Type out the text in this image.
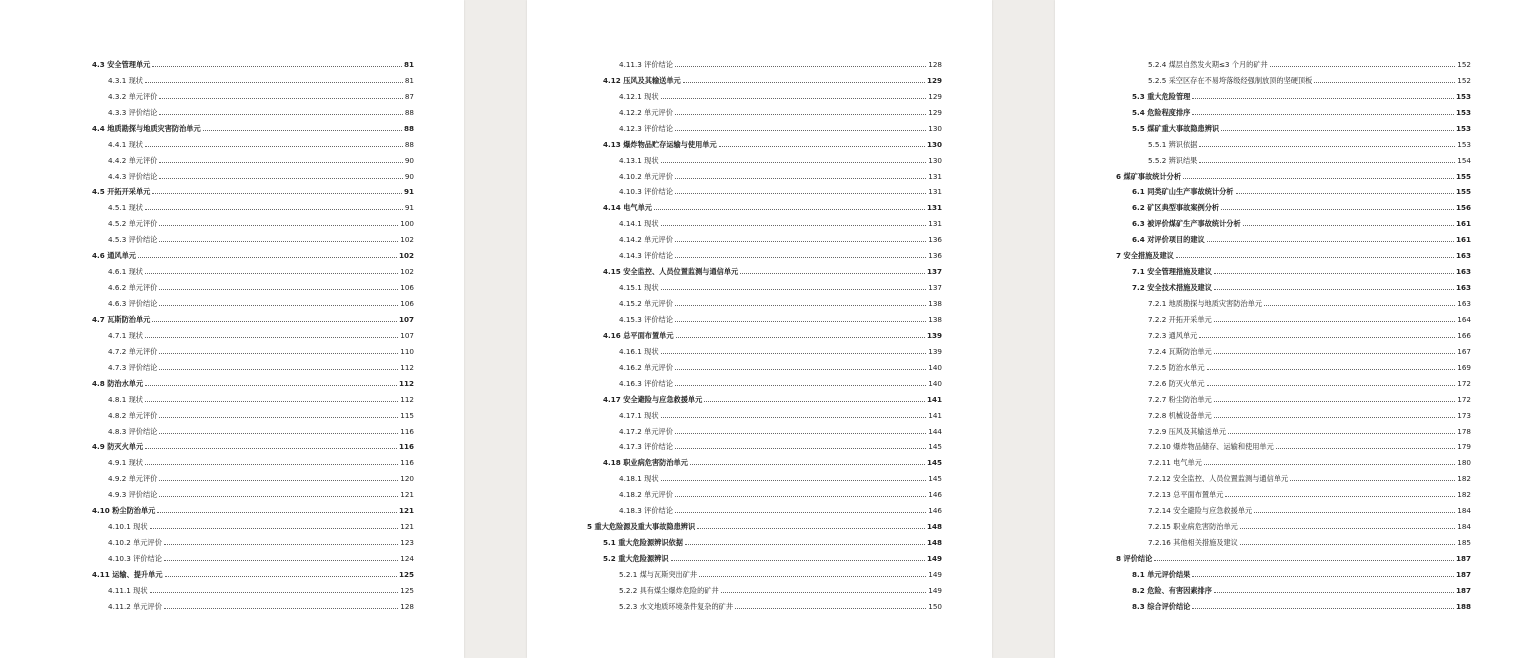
4.3 安全管理单元	81
4.3.1 现状	81
4.3.2 单元评价	87
4.3.3 评价结论	88
4.4 地质勘探与地质灾害防治单元	88
4.4.1 现状	88
4.4.2 单元评价	90
4.4.3 评价结论	90
4.5 开拓开采单元	91
4.5.1 现状	91
4.5.2 单元评价	100
4.5.3 评价结论	102
4.6 通风单元	102
4.6.1 现状	102
4.6.2 单元评价	106
4.6.3 评价结论	106
4.7 瓦斯防治单元	107
4.7.1 现状	107
4.7.2 单元评价	110
4.7.3 评价结论	112
4.8 防治水单元	112
4.8.1 现状	112
4.8.2 单元评价	115
4.8.3 评价结论	116
4.9 防灭火单元	116
4.9.1 现状	116
4.9.2 单元评价	120
4.9.3 评价结论	121
4.10 粉尘防治单元	121
4.10.1 现状	121
4.10.2 单元评价	123
4.10.3 评价结论	124
4.11 运输、提升单元	125
4.11.1 现状	125
4.11.2 单元评价	128
4.11.3 评价结论	128
4.12 压风及其输送单元	129
4.12.1 现状	129
4.12.2 单元评价	129
4.12.3 评价结论	130
4.13 爆炸物品贮存运输与使用单元	130
4.13.1 现状	130
4.10.2 单元评价	131
4.10.3 评价结论	131
4.14 电气单元	131
4.14.1 现状	131
4.14.2 单元评价	136
4.14.3 评价结论	136
4.15 安全监控、人员位置监测与通信单元	137
4.15.1 现状	137
4.15.2 单元评价	138
4.15.3 评价结论	138
4.16 总平面布置单元	139
4.16.1 现状	139
4.16.2 单元评价	140
4.16.3 评价结论	140
4.17 安全避险与应急救援单元	141
4.17.1 现状	141
4.17.2 单元评价	144
4.17.3 评价结论	145
4.18 职业病危害防治单元	145
4.18.1 现状	145
4.18.2 单元评价	146
4.18.3 评价结论	146
5 重大危险源及重大事故隐患辨识	148
5.1 重大危险源辨识依据	148
5.2 重大危险源辨识	149
5.2.1 煤与瓦斯突出矿井	149
5.2.2 具有煤尘爆炸危险的矿井	149
5.2.3 水文地质环境条件复杂的矿井	150
5.2.4 煤层自然发火期≤3 个月的矿井	152
5.2.5 采空区存在不易垮落级经强制放顶的坚硬顶板	152
5.3 重大危险管理	153
5.4 危险程度排序	153
5.5 煤矿重大事故隐患辨识	153
5.5.1 辨识依据	153
5.5.2 辨识结果	154
6 煤矿事故统计分析	155
6.1 同类矿山生产事故统计分析	155
6.2 矿区典型事故案例分析	156
6.3 被评价煤矿生产事故统计分析	161
6.4 对评价项目的建议	161
7 安全措施及建议	163
7.1 安全管理措施及建议	163
7.2 安全技术措施及建议	163
7.2.1 地质勘探与地质灾害防治单元	163
7.2.2 开拓开采单元	164
7.2.3 通风单元	166
7.2.4 瓦斯防治单元	167
7.2.5 防治水单元	169
7.2.6 防灭火单元	172
7.2.7 粉尘防治单元	172
7.2.8 机械设备单元	173
7.2.9 压风及其输送单元	178
7.2.10 爆炸物品储存、运输和使用单元	179
7.2.11 电气单元	180
7.2.12 安全监控、人员位置监测与通信单元	182
7.2.13 总平面布置单元	182
7.2.14 安全避险与应急救援单元	184
7.2.15 职业病危害防治单元	184
7.2.16 其他相关措施及建议	185
8 评价结论	187
8.1 单元评价结果	187
8.2 危险、有害因素排序	187
8.3 综合评价结论	188
